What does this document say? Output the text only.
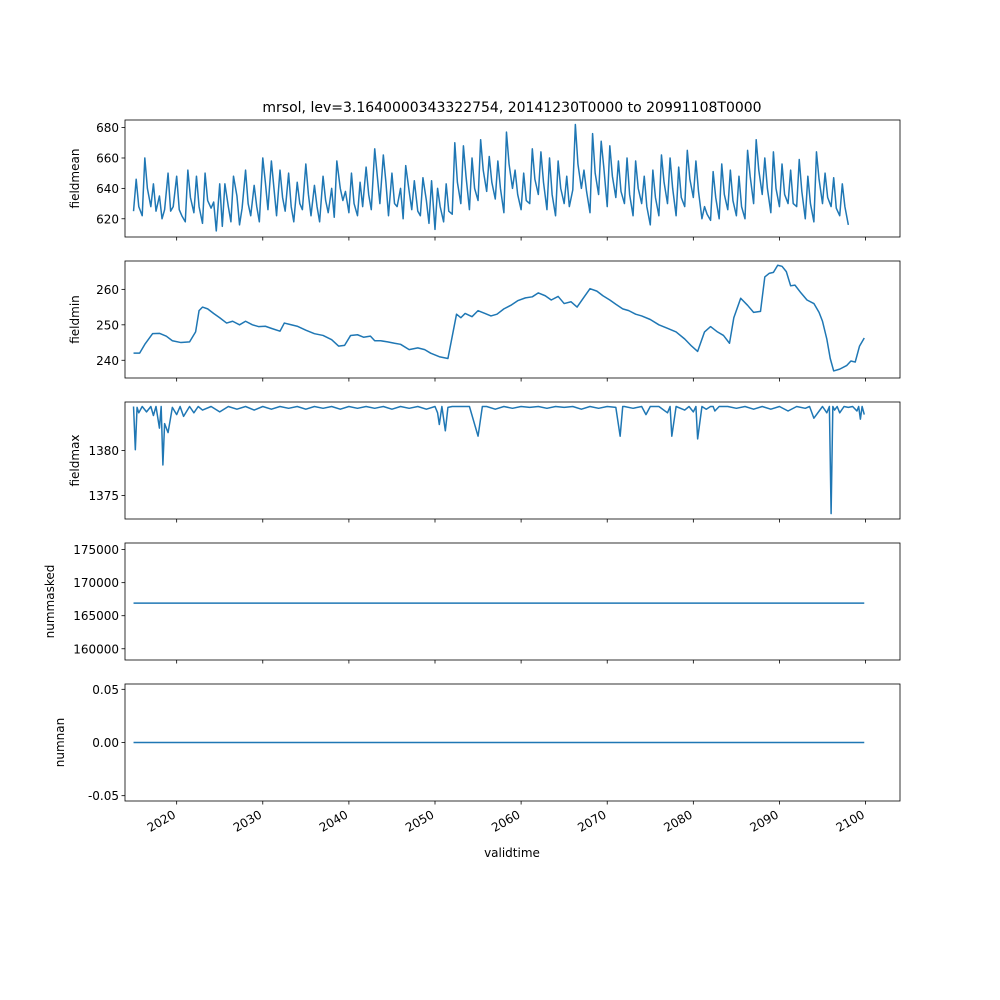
mrsol, lev=3.1640000343322754, 20141230T0000 to 20991108T0000
validtime
620
640
660
680
fieldmean
240
250
260
fieldmin
1375
1380
fieldmax
160000
165000
170000
175000
nummasked
-0.05
0.00
0.05
2020	2030	2040	2050	2060	2070	2080	2090	2100
numnan
